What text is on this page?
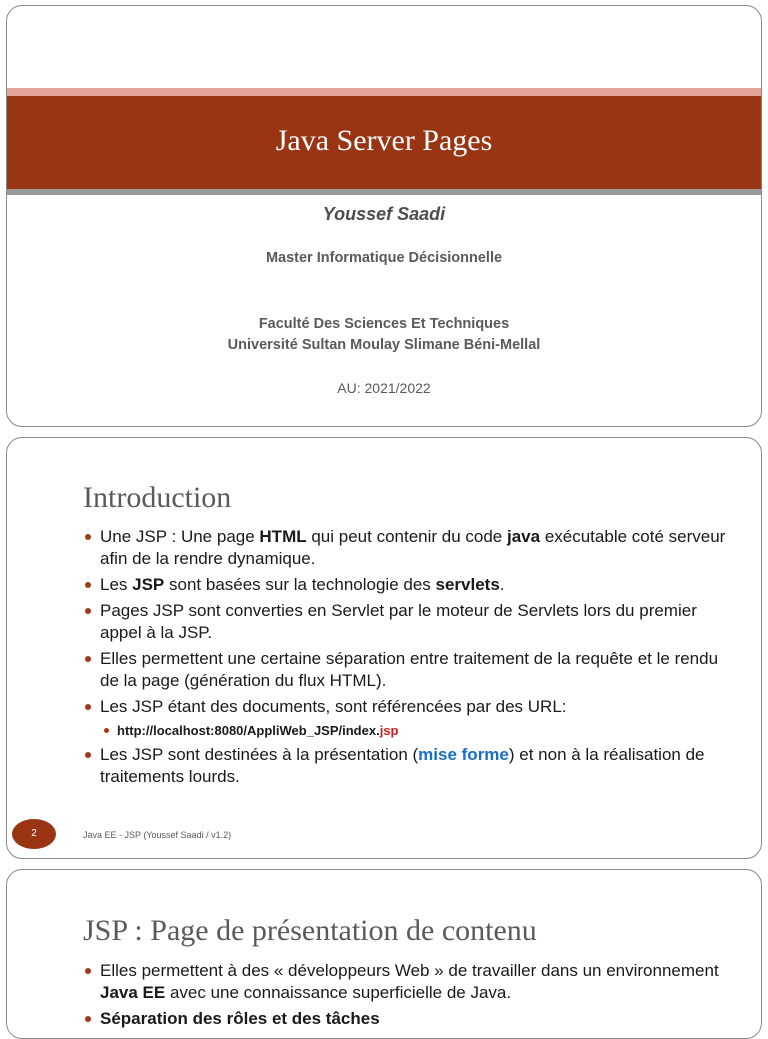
Java Server Pages
Youssef Saadi
Master Informatique Décisionnelle
Faculté Des Sciences Et Techniques
Université Sultan Moulay Slimane Béni-Mellal
AU: 2021/2022
Introduction
Une JSP : Une page HTML qui peut contenir du code java exécutable coté serveur afin de la rendre dynamique.
Les JSP sont basées sur la technologie des servlets.
Pages JSP sont converties en Servlet par le moteur de Servlets lors du premier appel à la JSP.
Elles permettent une certaine séparation entre traitement de la requête et le rendu de la page (génération du flux HTML).
Les JSP étant des documents, sont référencées par des URL:
http://localhost:8080/AppliWeb_JSP/index.jsp
Les JSP sont destinées à la présentation (mise forme) et non à la réalisation de traitements lourds.
2	Java EE - JSP (Youssef Saadi / v1.2)
JSP : Page de présentation de contenu
Elles permettent à des « développeurs Web » de travailler dans un environnement Java EE avec une connaissance superficielle de Java.
Séparation des rôles et des tâches
